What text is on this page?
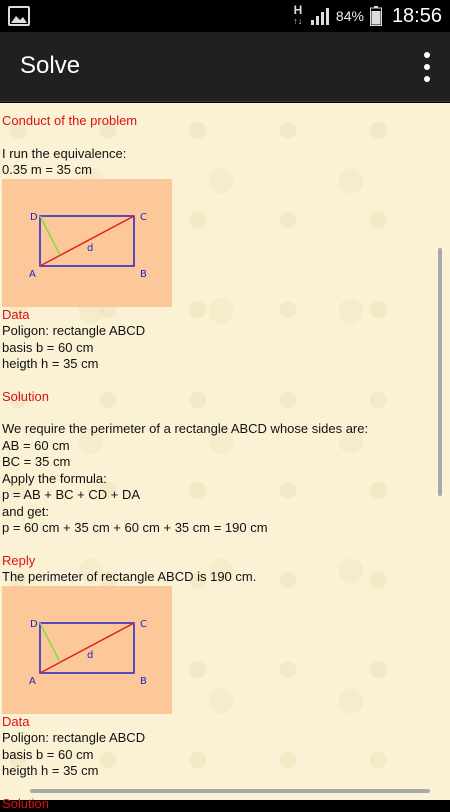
H
↑↓ 84% 18:56
Solve
Conduct of the problem
I run the equivalence:
0.35 m = 35 cm
D	C
A	B
d
Data
Poligon: rectangle ABCD
basis b = 60 cm
heigth h = 35 cm
Solution
We require the perimeter of a rectangle ABCD whose sides are:
AB = 60 cm
BC = 35 cm
Apply the formula:
p = AB + BC + CD + DA
and get:
p = 60 cm + 35 cm + 60 cm + 35 cm = 190 cm
Reply
The perimeter of rectangle ABCD is 190 cm.
D	C
A	B
d
Data
Poligon: rectangle ABCD
basis b = 60 cm
heigth h = 35 cm
Solution
